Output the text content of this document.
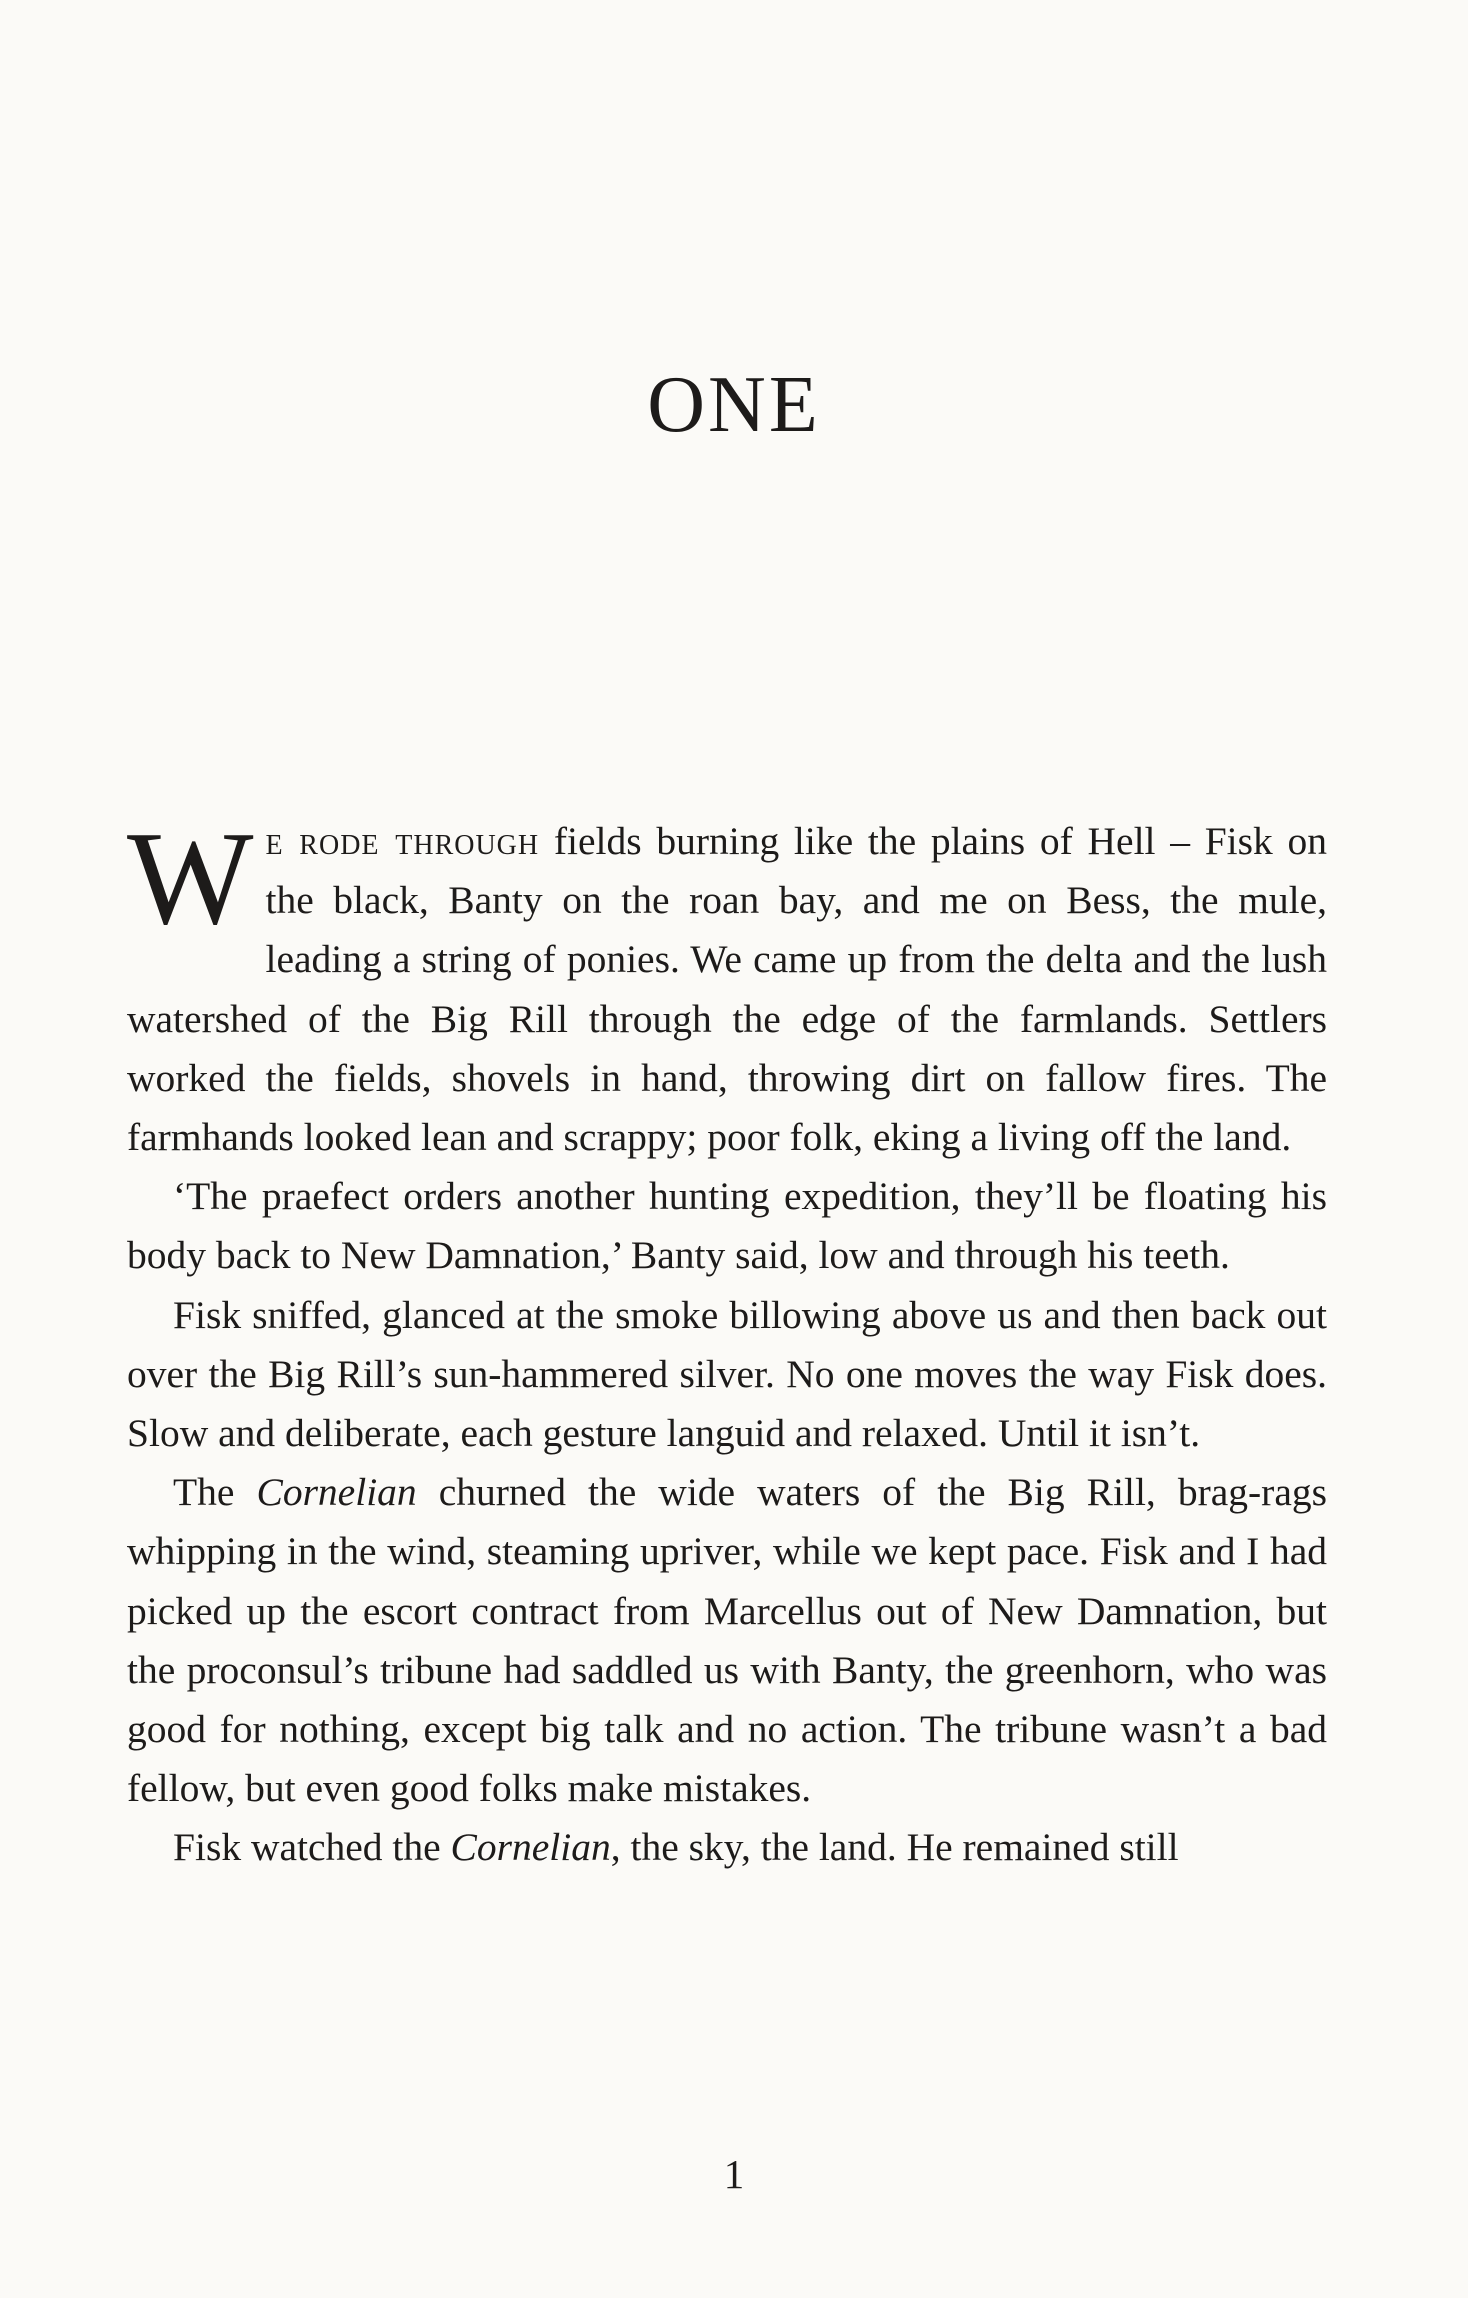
ONE

We rode through fields burning like the plains of Hell – Fisk on the black, Banty on the roan bay, and me on Bess, the mule, leading a string of ponies. We came up from the delta and the lush watershed of the Big Rill through the edge of the farmlands. Settlers worked the fields, shovels in hand, throwing dirt on fallow fires. The farmhands looked lean and scrappy; poor folk, eking a living off the land.

‘The praefect orders another hunting expedition, they’ll be floating his body back to New Damnation,’ Banty said, low and through his teeth.

Fisk sniffed, glanced at the smoke billowing above us and then back out over the Big Rill’s sun-hammered silver. No one moves the way Fisk does. Slow and deliberate, each gesture languid and relaxed. Until it isn’t.

The Cornelian churned the wide waters of the Big Rill, brag-rags whipping in the wind, steaming upriver, while we kept pace. Fisk and I had picked up the escort contract from Marcellus out of New Damnation, but the proconsul’s tribune had saddled us with Banty, the greenhorn, who was good for nothing, except big talk and no action. The tribune wasn’t a bad fellow, but even good folks make mistakes.

Fisk watched the Cornelian, the sky, the land. He remained still

1
